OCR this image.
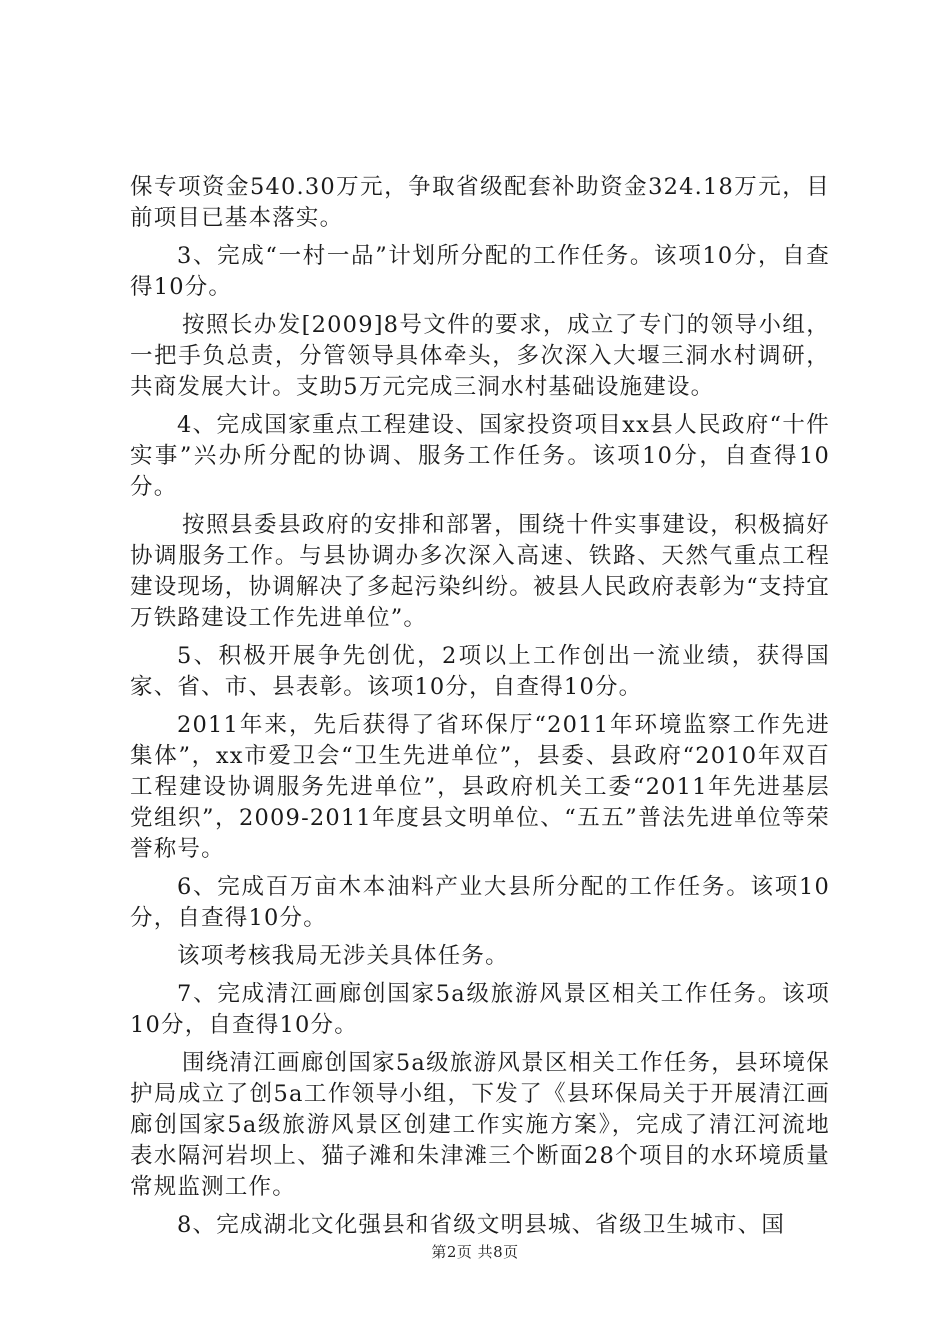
保专项资金540.30万元，争取省级配套补助资金324.18万元，目前项目已基本落实。

3、完成“一村一品”计划所分配的工作任务。该项10分，自查得10分。

按照长办发[2009]8号文件的要求，成立了专门的领导小组，一把手负总责，分管领导具体牵头，多次深入大堰三洞水村调研，共商发展大计。支助5万元完成三洞水村基础设施建设。

4、完成国家重点工程建设、国家投资项目xx县人民政府“十件实事”兴办所分配的协调、服务工作任务。该项10分，自查得10分。

按照县委县政府的安排和部署，围绕十件实事建设，积极搞好协调服务工作。与县协调办多次深入高速、铁路、天然气重点工程建设现场，协调解决了多起污染纠纷。被县人民政府表彰为“支持宜万铁路建设工作先进单位”。

5、积极开展争先创优，2项以上工作创出一流业绩，获得国家、省、市、县表彰。该项10分，自查得10分。

2011年来，先后获得了省环保厅“2011年环境监察工作先进集体”，xx市爱卫会“卫生先进单位”，县委、县政府“2010年双百工程建设协调服务先进单位”，县政府机关工委“2011年先进基层党组织”，2009-2011年度县文明单位、“五五”普法先进单位等荣誉称号。

6、完成百万亩木本油料产业大县所分配的工作任务。该项10分，自查得10分。

该项考核我局无涉关具体任务。

7、完成清江画廊创国家5a级旅游风景区相关工作任务。该项10分，自查得10分。

围绕清江画廊创国家5a级旅游风景区相关工作任务，县环境保护局成立了创5a工作领导小组，下发了《县环保局关于开展清江画廊创国家5a级旅游风景区创建工作实施方案》，完成了清江河流地表水隔河岩坝上、猫子滩和朱津滩三个断面28个项目的水环境质量常规监测工作。

8、完成湖北文化强县和省级文明县城、省级卫生城市、国

第2页 共8页
